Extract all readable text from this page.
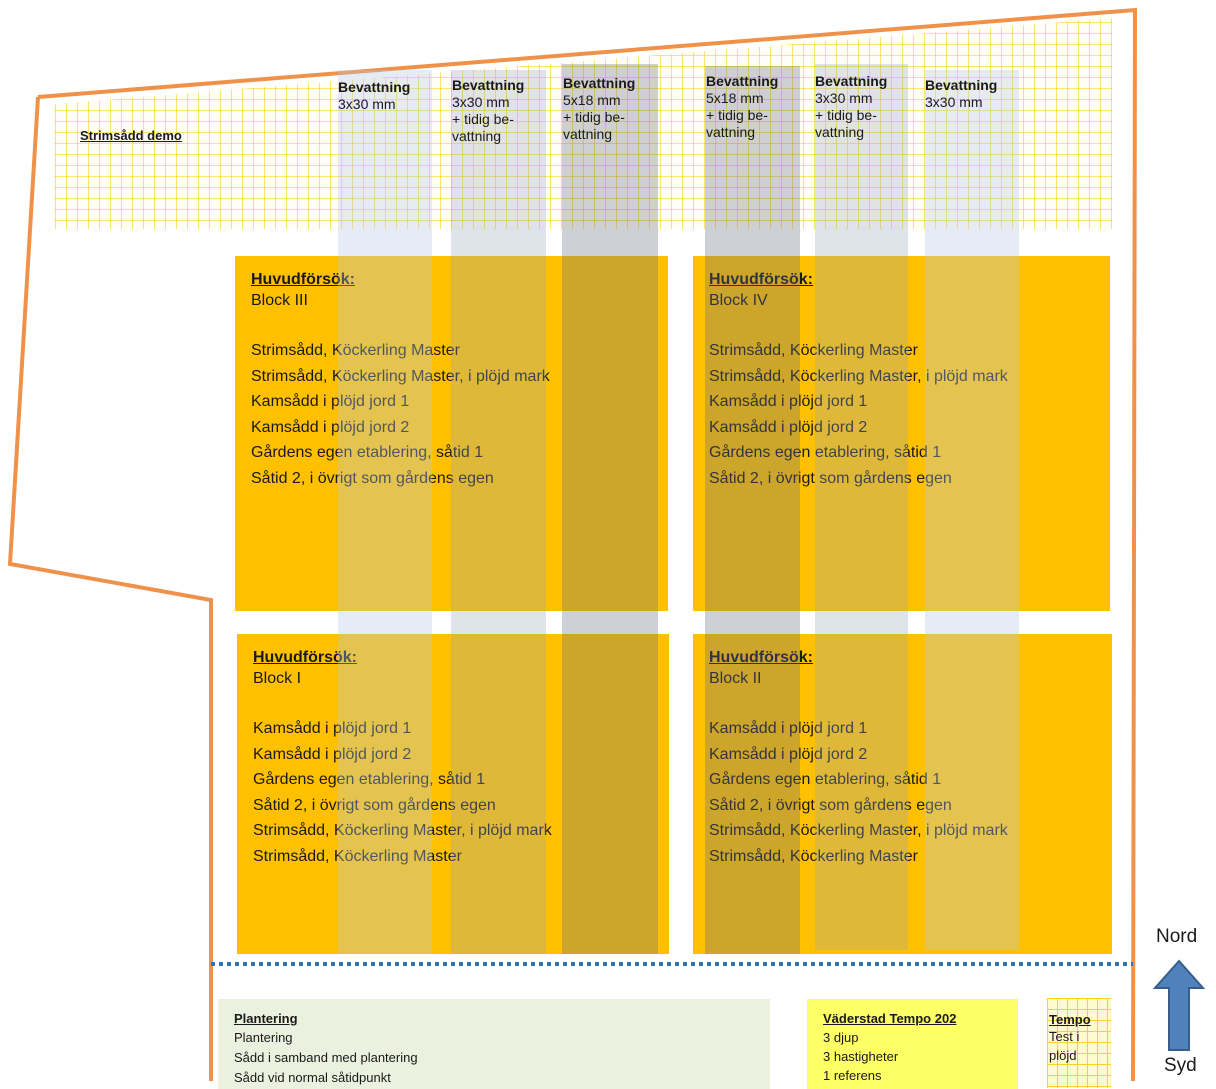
Strimsådd demo
Huvudförsök:
Block III
Strimsådd, Köckerling Master
Strimsådd, Köckerling Master, i plöjd mark
Kamsådd i plöjd jord 1
Kamsådd i plöjd jord 2
Gårdens egen etablering, såtid 1
Såtid 2, i övrigt som gårdens egen
Huvudförsök:
Block IV
Strimsådd, Köckerling Master
Strimsådd, Köckerling Master, i plöjd mark
Kamsådd i plöjd jord 1
Kamsådd i plöjd jord 2
Gårdens egen etablering, såtid 1
Såtid 2, i övrigt som gårdens egen
Huvudförsök:
Block I
Kamsådd i plöjd jord 1
Kamsådd i plöjd jord 2
Gårdens egen etablering, såtid 1
Såtid 2, i övrigt som gårdens egen
Strimsådd, Köckerling Master, i plöjd mark
Strimsådd, Köckerling Master
Huvudförsök:
Block II
Kamsådd i plöjd jord 1
Kamsådd i plöjd jord 2
Gårdens egen etablering, såtid 1
Såtid 2, i övrigt som gårdens egen
Strimsådd, Köckerling Master, i plöjd mark
Strimsådd, Köckerling Master
Bevattning
3x30 mm
Bevattning
3x30 mm
+ tidig be-
vattning
Bevattning
5x18 mm
+ tidig be-
vattning
Bevattning
5x18 mm
+ tidig be-
vattning
Bevattning
3x30 mm
+ tidig be-
vattning
Bevattning
3x30 mm
Plantering
Plantering
Sådd i samband med plantering
Sådd vid normal såtidpunkt
Väderstad Tempo 202
3 djup
3 hastigheter
1 referens
Tempo
Test i
plöjd
Nord
Syd
